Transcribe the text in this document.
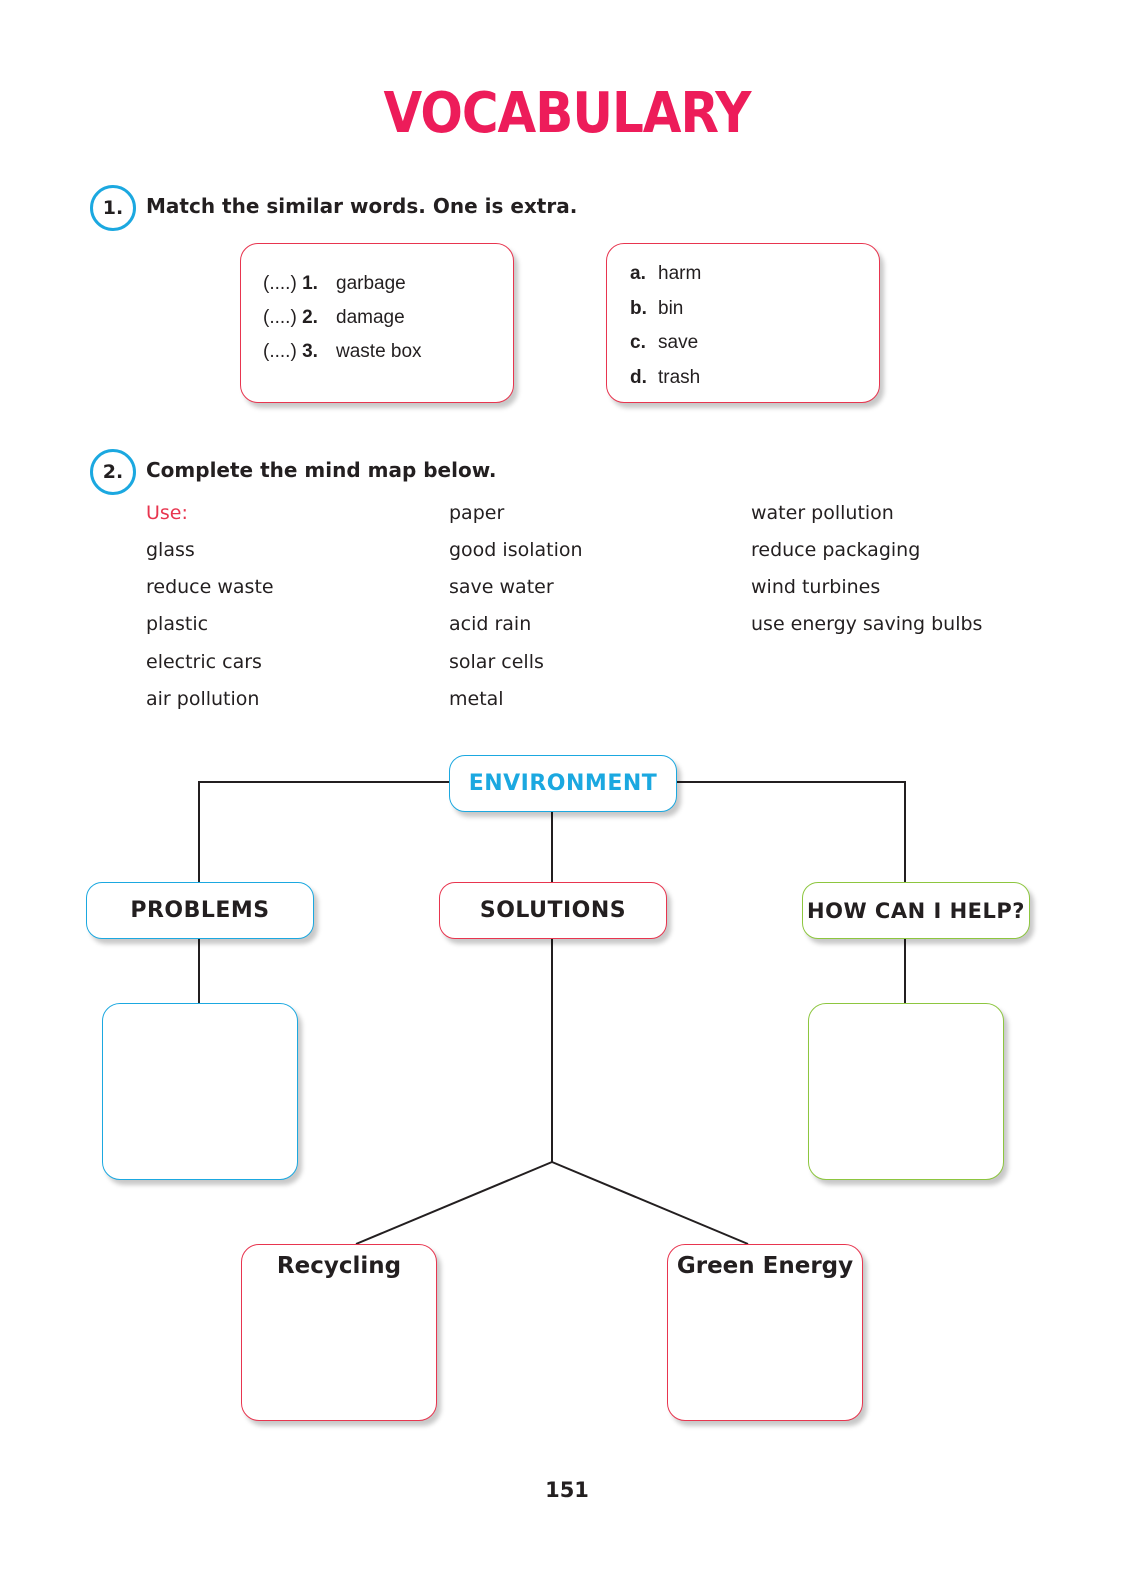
VOCABULARY
1.	Match the similar words. One is extra.
(....) 1. garbage
(....) 2. damage
(....) 3. waste box
a. harm
b. bin
c. save
d. trash
2.	Complete the mind map below.
Use:
glass
reduce waste
plastic
electric cars
air pollution
paper
good isolation
save water
acid rain
solar cells
metal
water pollution
reduce packaging
wind turbines
use energy saving bulbs
ENVIRONMENT
PROBLEMS	SOLUTIONS	HOW CAN I HELP?
Recycling	Green Energy
151
